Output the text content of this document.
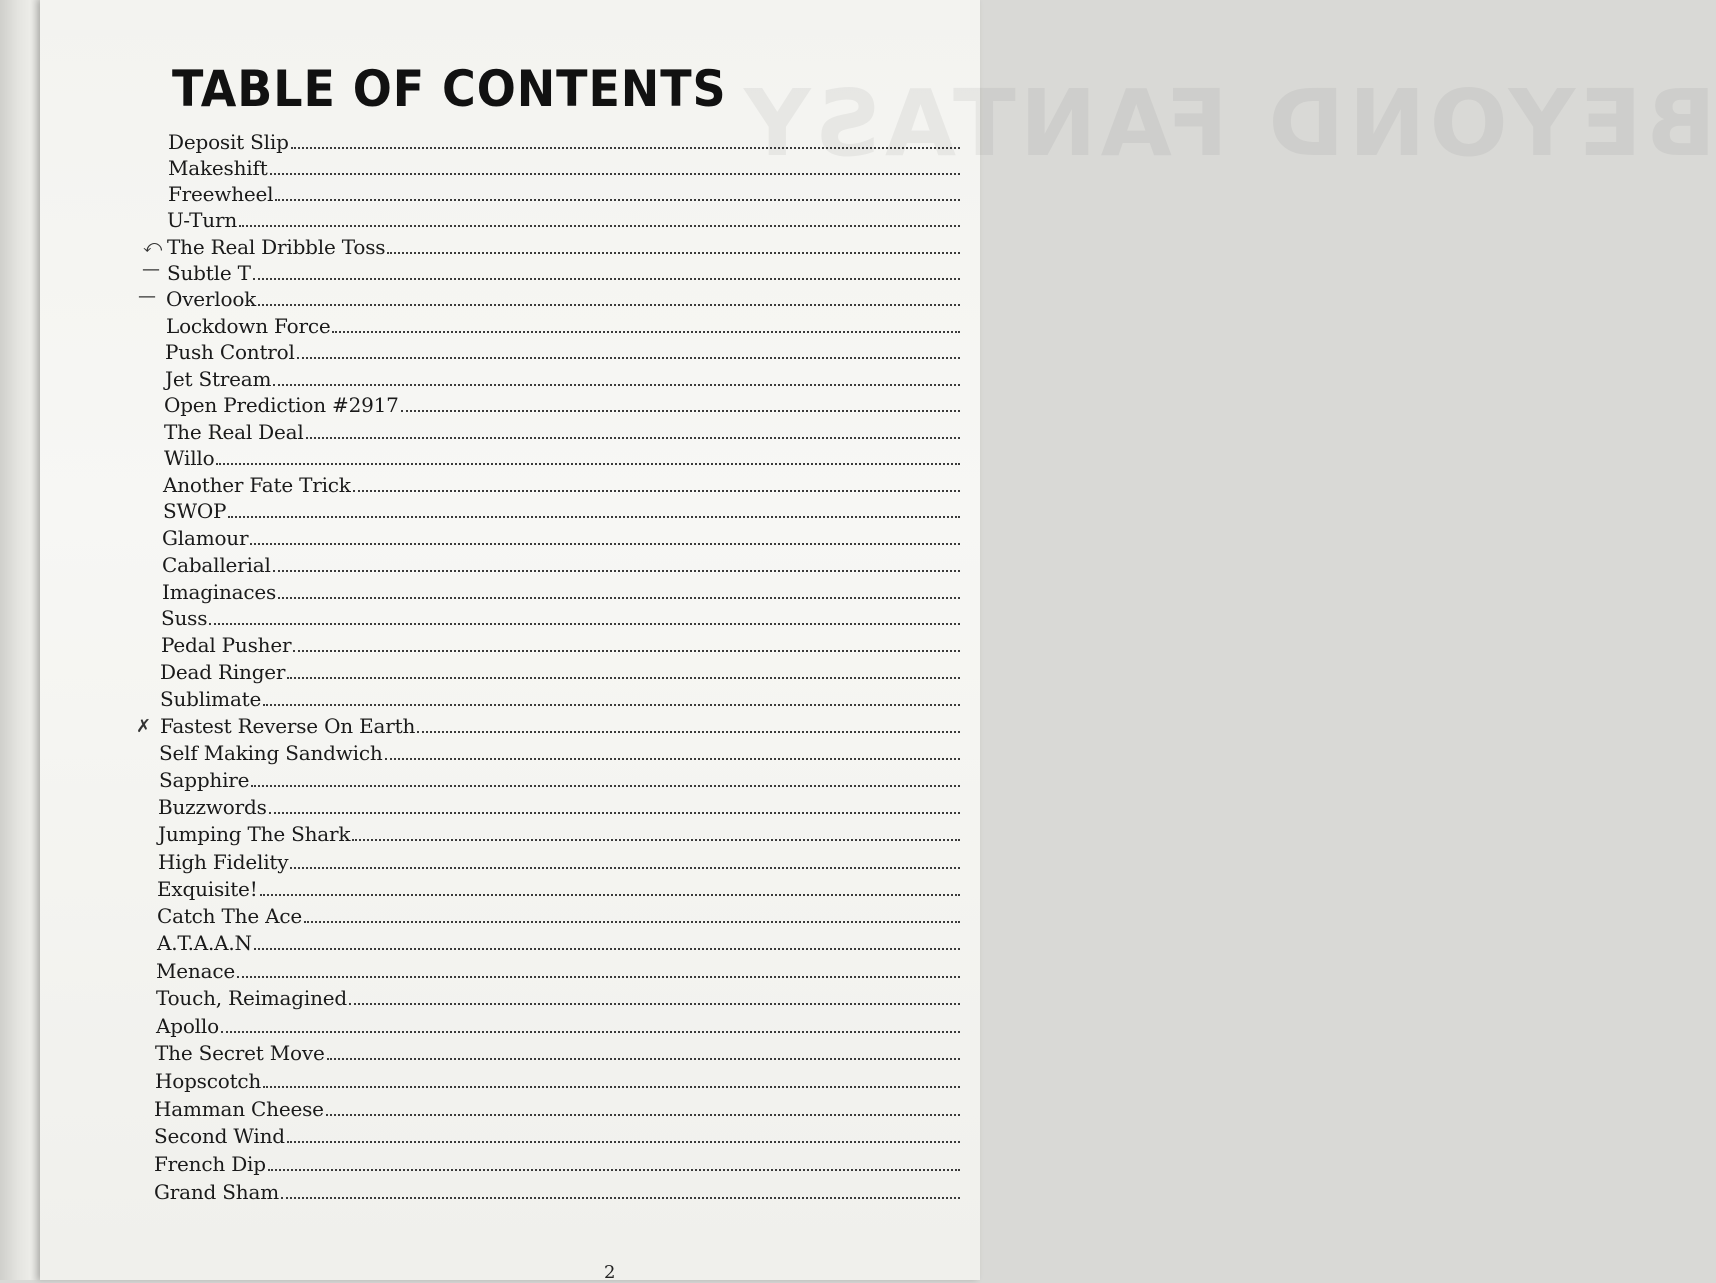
BEYOND FANTASY
TABLE OF CONTENTS
Deposit Slip
Makeshift
Freewheel
U-Turn
The Real Dribble Toss
Subtle T
Overlook
Lockdown Force
Push Control
Jet Stream
Open Prediction #2917
The Real Deal
Willo
Another Fate Trick
SWOP
Glamour
Caballerial
Imaginaces
Suss
Pedal Pusher
Dead Ringer
Sublimate
Fastest Reverse On Earth
Self Making Sandwich
Sapphire
Buzzwords
Jumping The Shark
High Fidelity
Exquisite!
Catch The Ace
A.T.A.A.N
Menace
Touch, Reimagined
Apollo
The Secret Move
Hopscotch
Hamman Cheese
Second Wind
French Dip
Grand Sham
⤺
—
—
✗
2
